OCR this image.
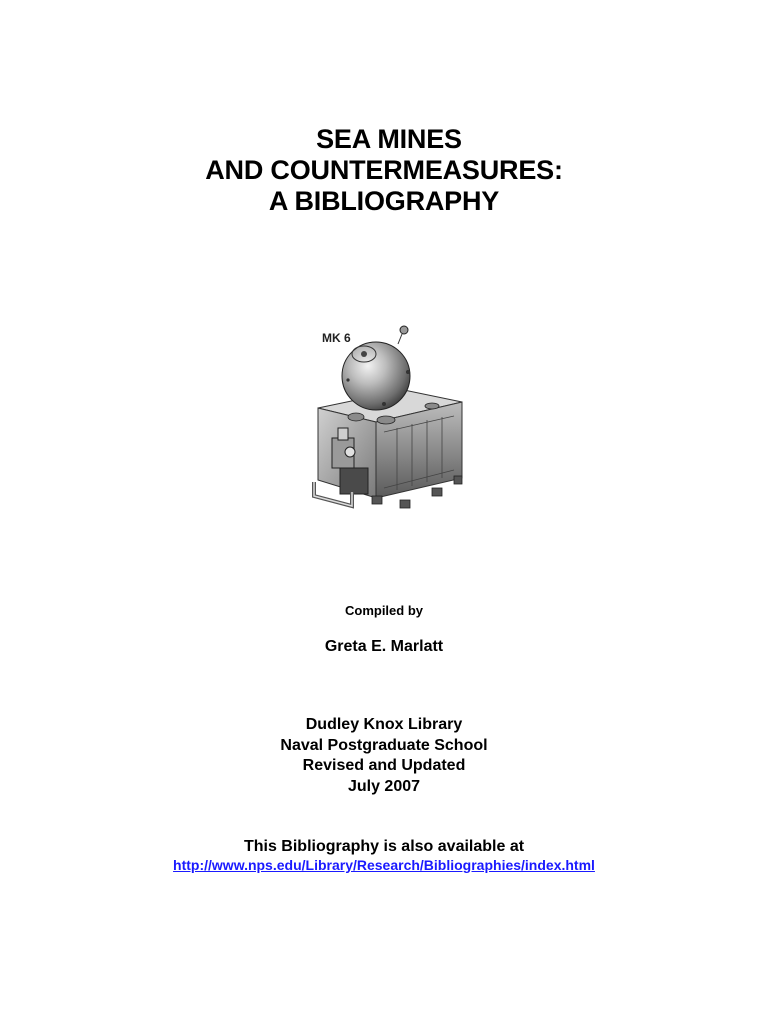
SEA MINES
AND COUNTERMEASURES:
A BIBLIOGRAPHY
MK 6
Compiled by
Greta E. Marlatt
Dudley Knox Library
Naval Postgraduate School
Revised and Updated
July 2007
This Bibliography is also available at
http://www.nps.edu/Library/Research/Bibliographies/index.html
